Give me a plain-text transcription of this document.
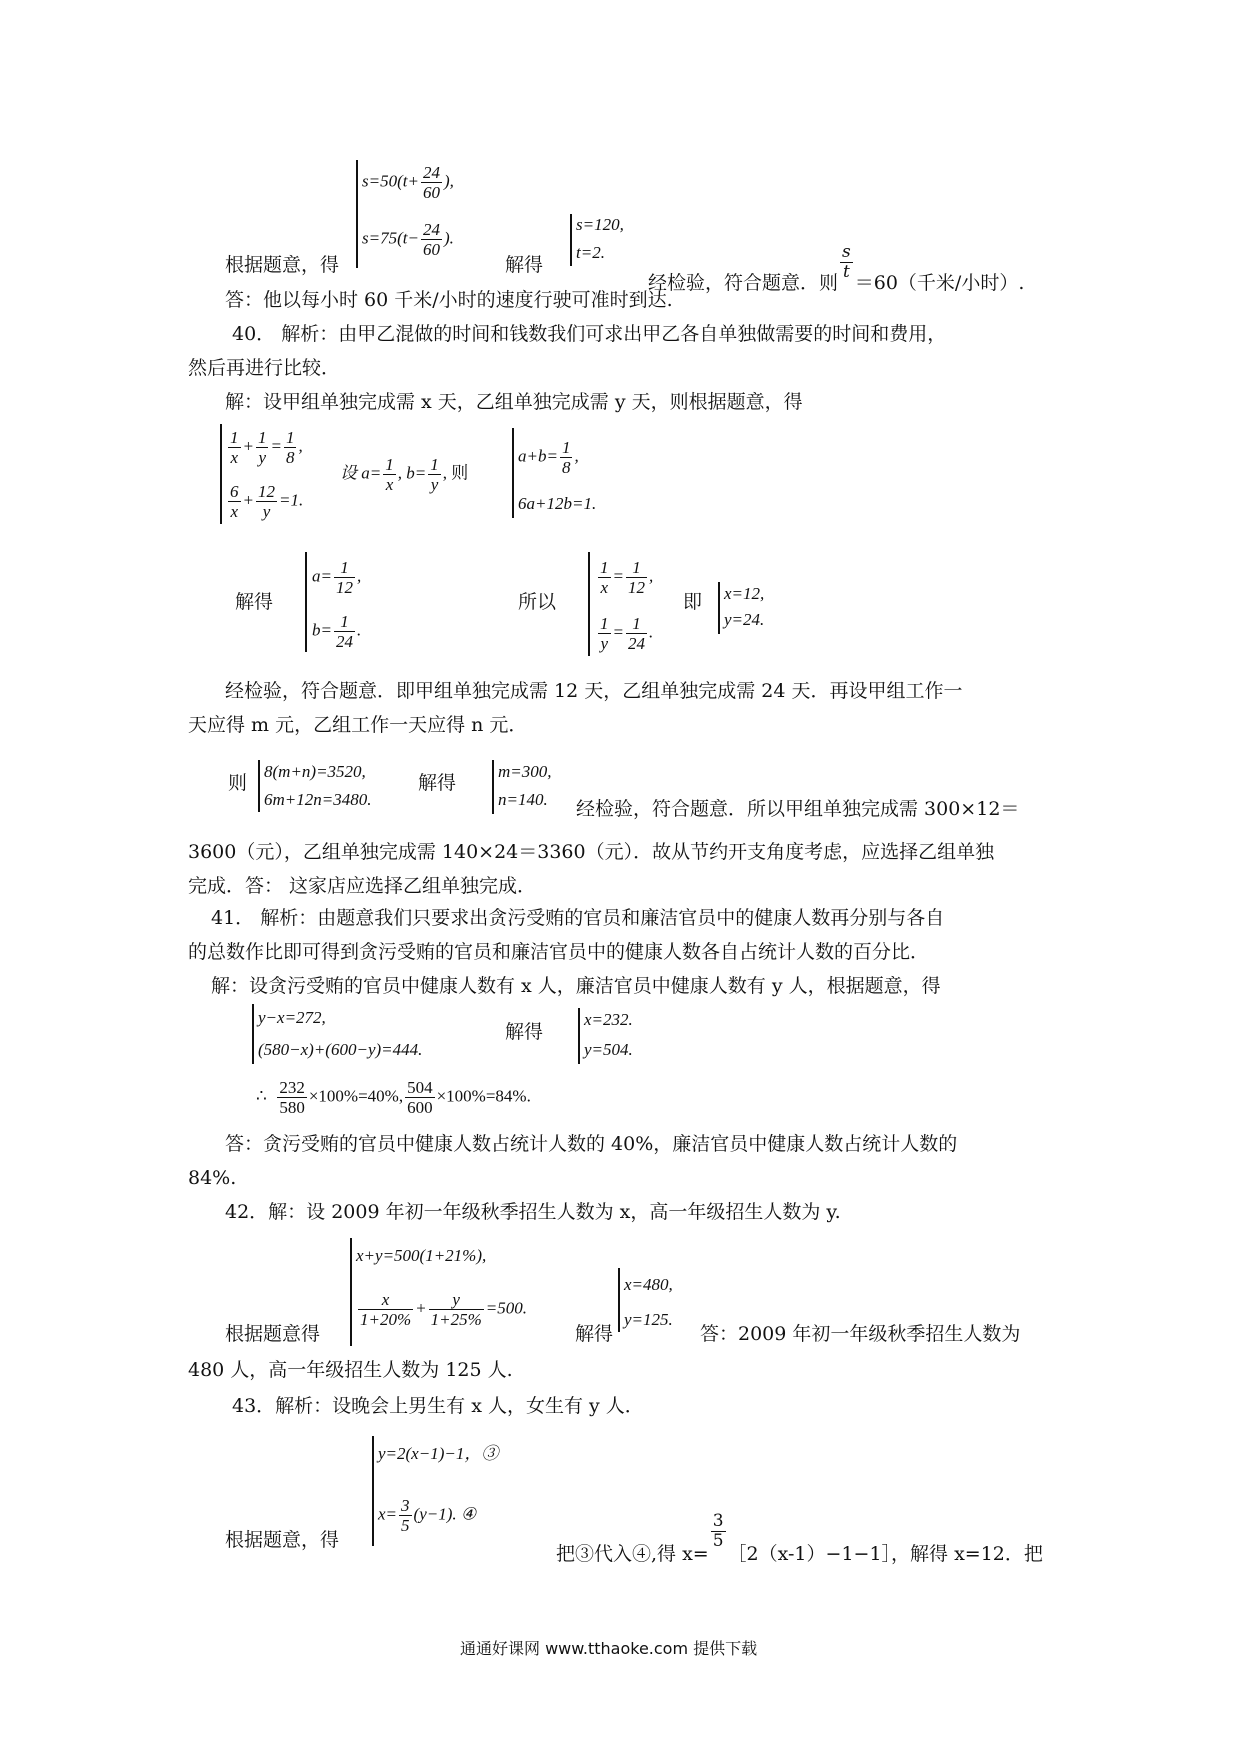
$s=50(t+ \frac{24}{60}$ ),
$s=75(t- \frac{24}{60}$ ).
根据题意，得	解得
s=120,
t=2.
经检验，符合题意．则
$\frac{s}{t}$
＝60（千米/小时）.
答：他以每小时 60 千米/小时的速度行驶可准时到达.
40． 解析：由甲乙混做的时间和钱数我们可求出甲乙各自单独做需要的时间和费用，
然后再进行比较．
解：设甲组单独完成需 x 天，乙组单独完成需 y 天，则根据题意，得
$\frac{1}{x} + \frac{1}{y} = \frac{1}{8}$ ,
$\frac{6}{x} + \frac{12}{y} =1$.
设 $a= \frac{1}{x}$ , $b= \frac{1}{y}$ , 则
$a+b= \frac{1}{8}$ ,
6a+12b=1.
解得
$a= \frac{1}{12}$ ,
$b= \frac{1}{24}$ .
所以
$\frac{1}{x} = \frac{1}{12}$ ,
$\frac{1}{y} = \frac{1}{24}$ .
即 x=12,
y=24.
经检验，符合题意．即甲组单独完成需 12 天，乙组单独完成需 24 天．再设甲组工作一
天应得 m 元，乙组工作一天应得 n 元．
则
8(m+n)=3520,
6m+12n=3480.
解得
m=300,
n=140. 经检验，符合题意．所以甲组单独完成需 300×12＝
3600（元），乙组单独完成需 140×24＝3360（元）．故从节约开支角度考虑，应选择乙组单独
完成．答： 这家店应选择乙组单独完成．
41． 解析：由题意我们只要求出贪污受贿的官员和廉洁官员中的健康人数再分别与各自
的总数作比即可得到贪污受贿的官员和廉洁官员中的健康人数各自占统计人数的百分比．
解：设贪污受贿的官员中健康人数有 x 人，廉洁官员中健康人数有 y 人，根据题意，得
y−x=272,
(580−x)+(600−y)=444.
解得
x=232.
y=504.
∴ $\frac{232}{580} \times 100\%=40\%$, $\frac{504}{600} \times 100\%=84\%$.
答：贪污受贿的官员中健康人数占统计人数的 40%，廉洁官员中健康人数占统计人数的
84%.
42．解：设 2009 年初一年级秋季招生人数为 x，高一年级招生人数为 y.
x+y=500(1+21%),
$\frac{x}{1+20\%} + \frac{y}{1+25\%} =500$.
根据题意得	解得
x=480,
y=125.
答：2009 年初一年级秋季招生人数为
480 人，高一年级招生人数为 125 人.
43．解析：设晚会上男生有 x 人，女生有 y 人．
y=2(x−1)−1，③
$x= \frac{3}{5} (y-1)$. ④
根据题意，得
把③代入④,得 x=
$\frac{3}{5}$
［2（x-1）−1−1］，解得 x=12．把
通通好课网 www.tthaoke.com 提供下载
